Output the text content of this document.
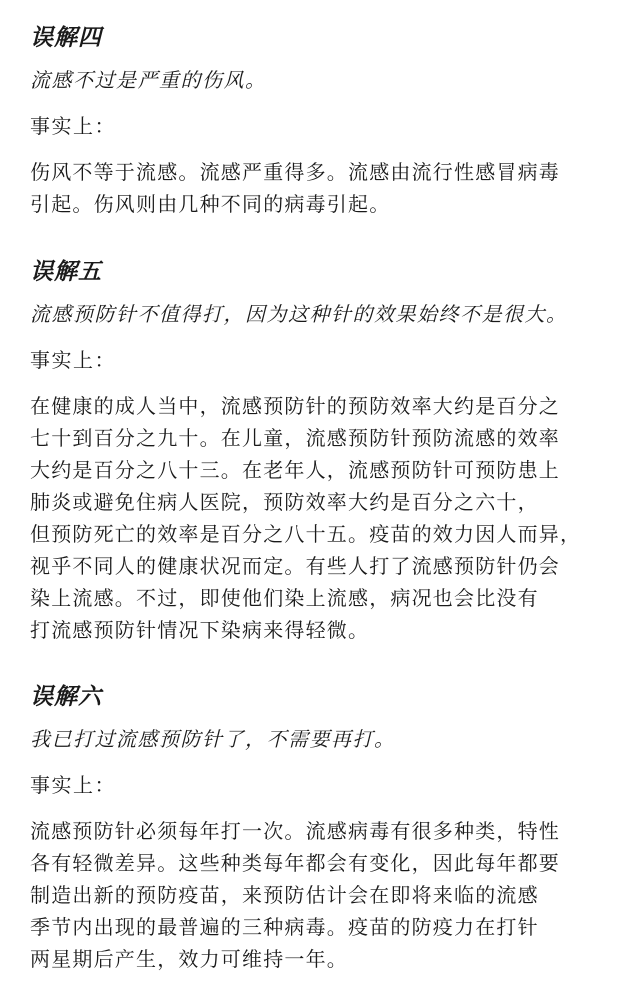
误解四

流感不过是严重的伤风。

事实上：

伤风不等于流感。流感严重得多。流感由流行性感冒病毒
引起。伤风则由几种不同的病毒引起。
误解五

流感预防针不值得打，因为这种针的效果始终不是很大。

事实上：

在健康的成人当中，流感预防针的预防效率大约是百分之
七十到百分之九十。在儿童，流感预防针预防流感的效率
大约是百分之八十三。在老年人，流感预防针可预防患上
肺炎或避免住病人医院，预防效率大约是百分之六十，
但预防死亡的效率是百分之八十五。疫苗的效力因人而异，
视乎不同人的健康状况而定。有些人打了流感预防针仍会
染上流感。不过，即使他们染上流感，病况也会比没有
打流感预防针情况下染病来得轻微。
误解六

我已打过流感预防针了，不需要再打。

事实上：

流感预防针必须每年打一次。流感病毒有很多种类，特性
各有轻微差异。这些种类每年都会有变化，因此每年都要
制造出新的预防疫苗，来预防估计会在即将来临的流感
季节内出现的最普遍的三种病毒。疫苗的防疫力在打针
两星期后产生，效力可维持一年。
